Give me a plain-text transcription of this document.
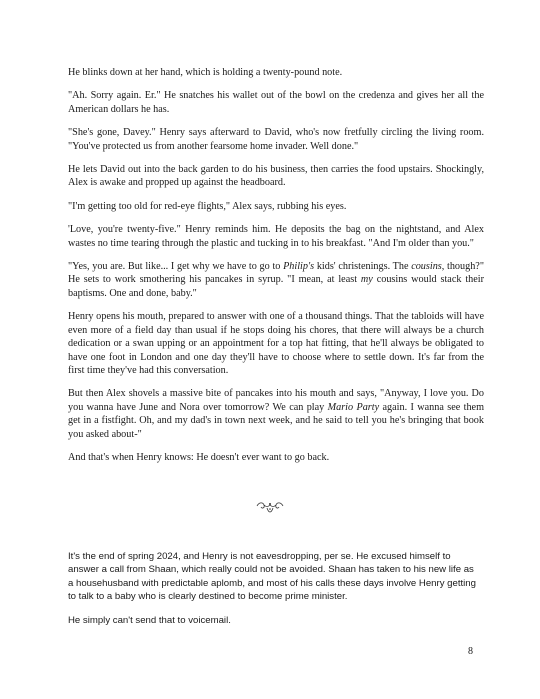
He blinks down at her hand, which is holding a twenty-pound note.

"Ah. Sorry again. Er." He snatches his wallet out of the bowl on the credenza and gives her all the American dollars he has.

"She's gone, Davey." Henry says afterward to David, who's now fretfully circling the living room. "You've protected us from another fearsome home invader. Well done."

He lets David out into the back garden to do his business, then carries the food upstairs. Shockingly, Alex is awake and propped up against the headboard.

"I'm getting too old for red-eye flights," Alex says, rubbing his eyes.

'Love, you're twenty-five." Henry reminds him. He deposits the bag on the nightstand, and Alex wastes no time tearing through the plastic and tucking in to his breakfast. "And I'm older than you."

"Yes, you are. But like... I get why we have to go to Philip's kids' christenings. The cousins, though?" He sets to work smothering his pancakes in syrup. "I mean, at least my cousins would stack their baptisms. One and done, baby."

Henry opens his mouth, prepared to answer with one of a thousand things. That the tabloids will have even more of a field day than usual if he stops doing his chores, that there will always be a church dedication or a swan upping or an appointment for a top hat fitting, that he'll always be obligated to have one foot in London and one day they'll have to choose where to settle down. It's far from the first time they've had this conversation.

But then Alex shovels a massive bite of pancakes into his mouth and says, "Anyway, I love you. Do you wanna have June and Nora over tomorrow? We can play Mario Party again. I wanna see them get in a fistfight. Oh, and my dad's in town next week, and he said to tell you he's bringing that book you asked about-"

And that's when Henry knows: He doesn't ever want to go back.

It's the end of spring 2024, and Henry is not eavesdropping, per se. He excused himself to answer a call from Shaan, which really could not be avoided. Shaan has taken to his new life as a househusband with predictable aplomb, and most of his calls these days involve Henry getting to talk to a baby who is clearly destined to become prime minister.

He simply can't send that to voicemail.

8
